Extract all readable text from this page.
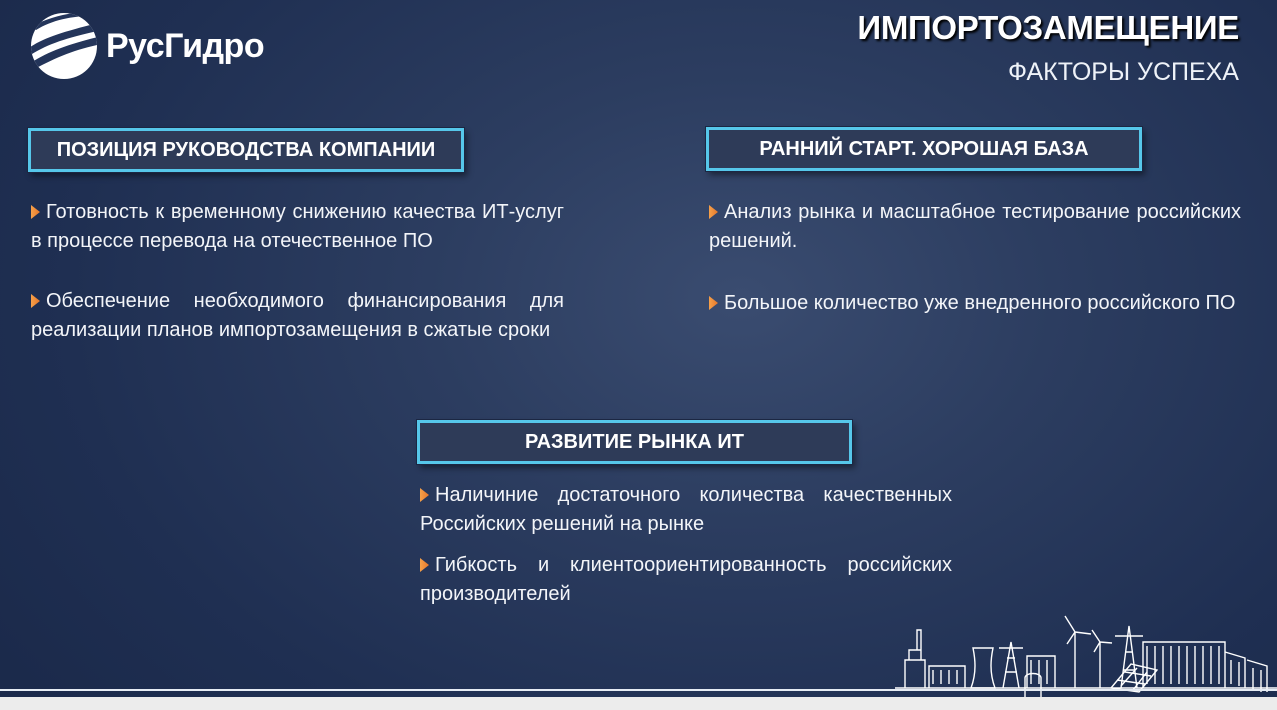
РусГидро	ИМПОРТОЗАМЕЩЕНИЕ
ФАКТОРЫ УСПЕХА
ПОЗИЦИЯ РУКОВОДСТВА КОМПАНИИ
Готовность к временному снижению качества ИТ-услуг в процессе перевода на отечественное ПО
Обеспечение необходимого финансирования для реализации планов импортозамещения в сжатые сроки
РАННИЙ СТАРТ. ХОРОШАЯ БАЗА
Анализ рынка и масштабное тестирование российских решений.
Большое количество уже внедренного российского ПО
РАЗВИТИЕ РЫНКА ИТ
Наличиние достаточного количества качественных Российских решений на рынке
Гибкость и клиентоориентированность российских производителей
